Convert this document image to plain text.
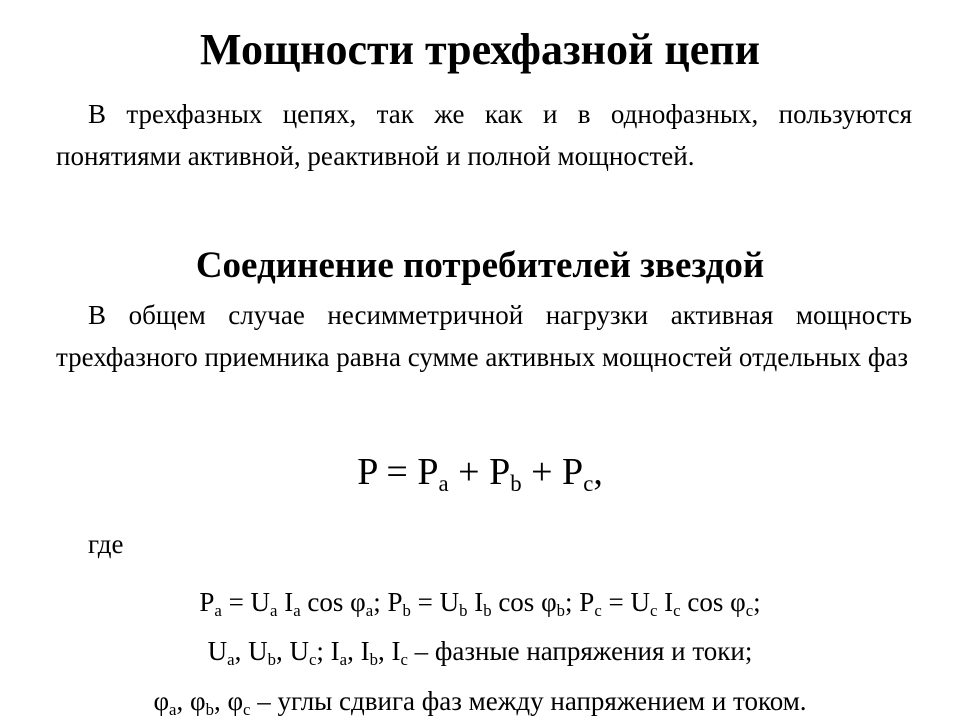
Мощности трехфазной цепи
В трехфазных цепях, так же как и в однофазных, пользуются понятиями активной, реактивной и полной мощностей.
Соединение потребителей звездой
В общем случае несимметричной нагрузки активная мощность трехфазного приемника равна сумме активных мощностей отдельных фаз
$P = P_a + P_b + P_c$,
где
$P_a = U_a$ $I_a$ $\cos \varphi_a$; $P_b = U_b$ $I_b$ $\cos \varphi_b$; $P_c = U_c$ $I_c$ $\cos \varphi_c$;
$U_a$, $U_b$, $U_c$; $I_a$, $I_b$, $I_c$ – фазные напряжения и токи;
$\varphi_a$, $\varphi_b$, $\varphi_c$ – углы сдвига фаз между напряжением и током.
